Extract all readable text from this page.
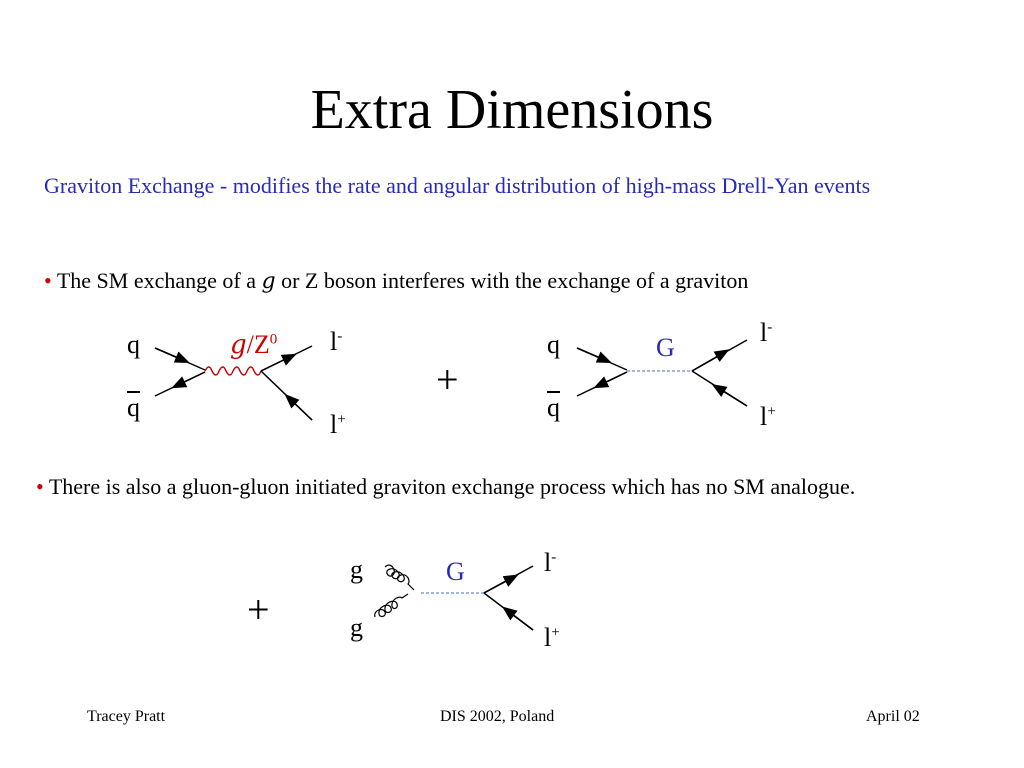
Extra Dimensions
Graviton Exchange - modifies the rate and angular distribution of high-mass Drell-Yan events
• The SM exchange of a g or Z boson interferes with the exchange of a graviton
q
$\overline{q}$
$g/Z^0$ l-
l+
+
q
$\overline{q}$
G
l-
l+
• There is also a gluon-gluon initiated graviton exchange process which has no SM analogue.
+
g
g
G	l-
l+
Tracey Pratt	DIS 2002, Poland	April 02
